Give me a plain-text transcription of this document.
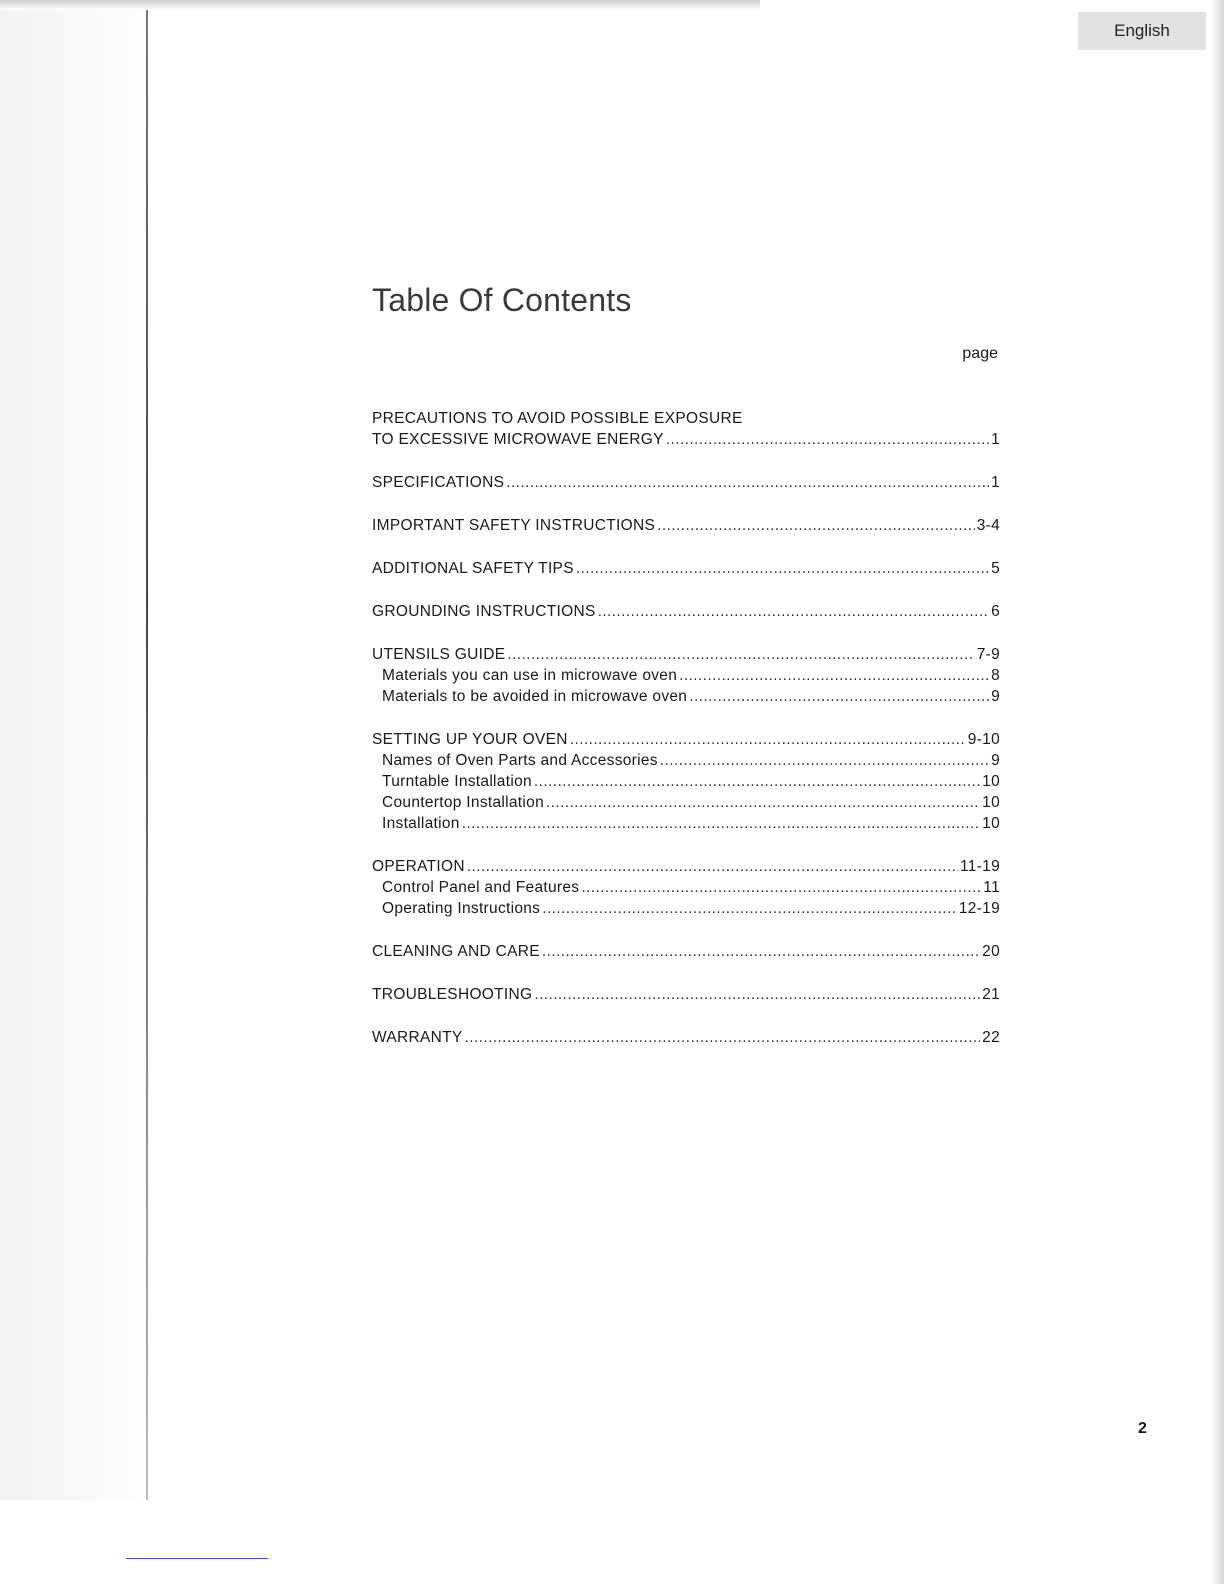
English
Table Of Contents
page
PRECAUTIONS TO AVOID POSSIBLE EXPOSURE
TO EXCESSIVE MICROWAVE ENERGY .....	1
SPECIFICATIONS .....	1
IMPORTANT SAFETY INSTRUCTIONS .....	3-4
ADDITIONAL SAFETY TIPS .....	5
GROUNDING INSTRUCTIONS .....	6
UTENSILS GUIDE .....	7-9
Materials you can use in microwave oven .....	8
Materials to be avoided in microwave oven .....	9
SETTING UP YOUR OVEN .....	9-10
Names of Oven Parts and Accessories .....	9
Turntable Installation .....	10
Countertop Installation .....	10
Installation .....	10
OPERATION .....	11-19
Control Panel and Features .....	11
Operating Instructions .....	12-19
CLEANING AND CARE .....	20
TROUBLESHOOTING .....	21
WARRANTY .....	22
2
